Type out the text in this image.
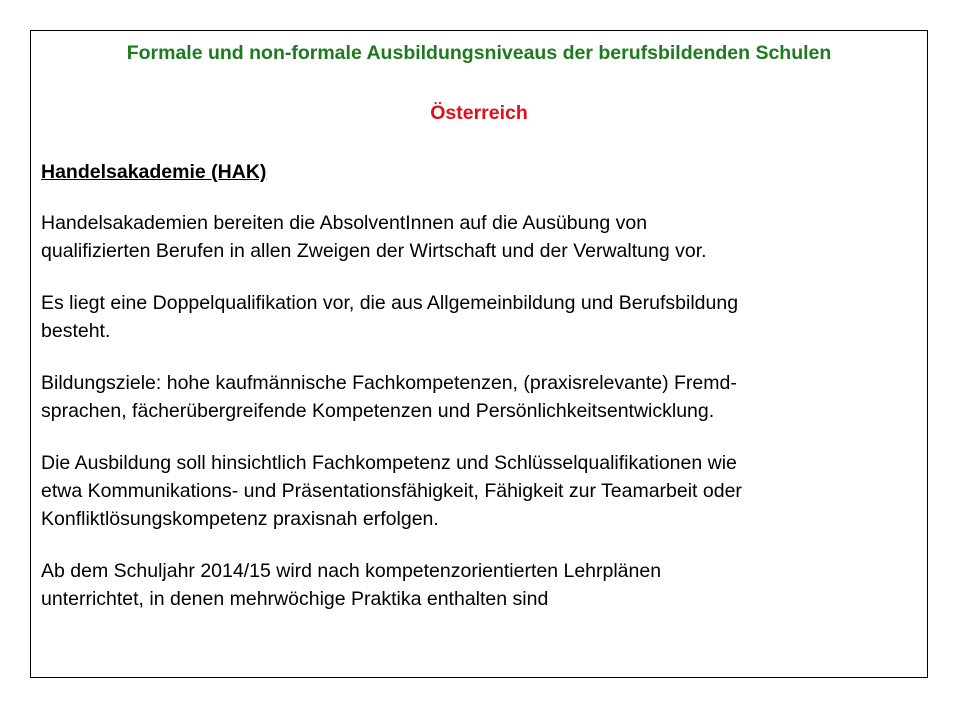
Formale und non-formale Ausbildungsniveaus der berufsbildenden Schulen

Österreich

Handelsakademie (HAK)

Handelsakademien bereiten die AbsolventInnen auf die Ausübung von
qualifizierten Berufen in allen Zweigen der Wirtschaft und der Verwaltung vor.

Es liegt eine Doppelqualifikation vor, die aus Allgemeinbildung und Berufsbildung
besteht.

Bildungsziele: hohe kaufmännische Fachkompetenzen, (praxisrelevante) Fremd-
sprachen, fächerübergreifende Kompetenzen und Persönlichkeitsentwicklung.

Die Ausbildung soll hinsichtlich Fachkompetenz und Schlüsselqualifikationen wie
etwa Kommunikations- und Präsentationsfähigkeit, Fähigkeit zur Teamarbeit oder
Konfliktlösungskompetenz praxisnah erfolgen.

Ab dem Schuljahr 2014/15 wird nach kompetenzorientierten Lehrplänen
unterrichtet, in denen mehrwöchige Praktika enthalten sind
